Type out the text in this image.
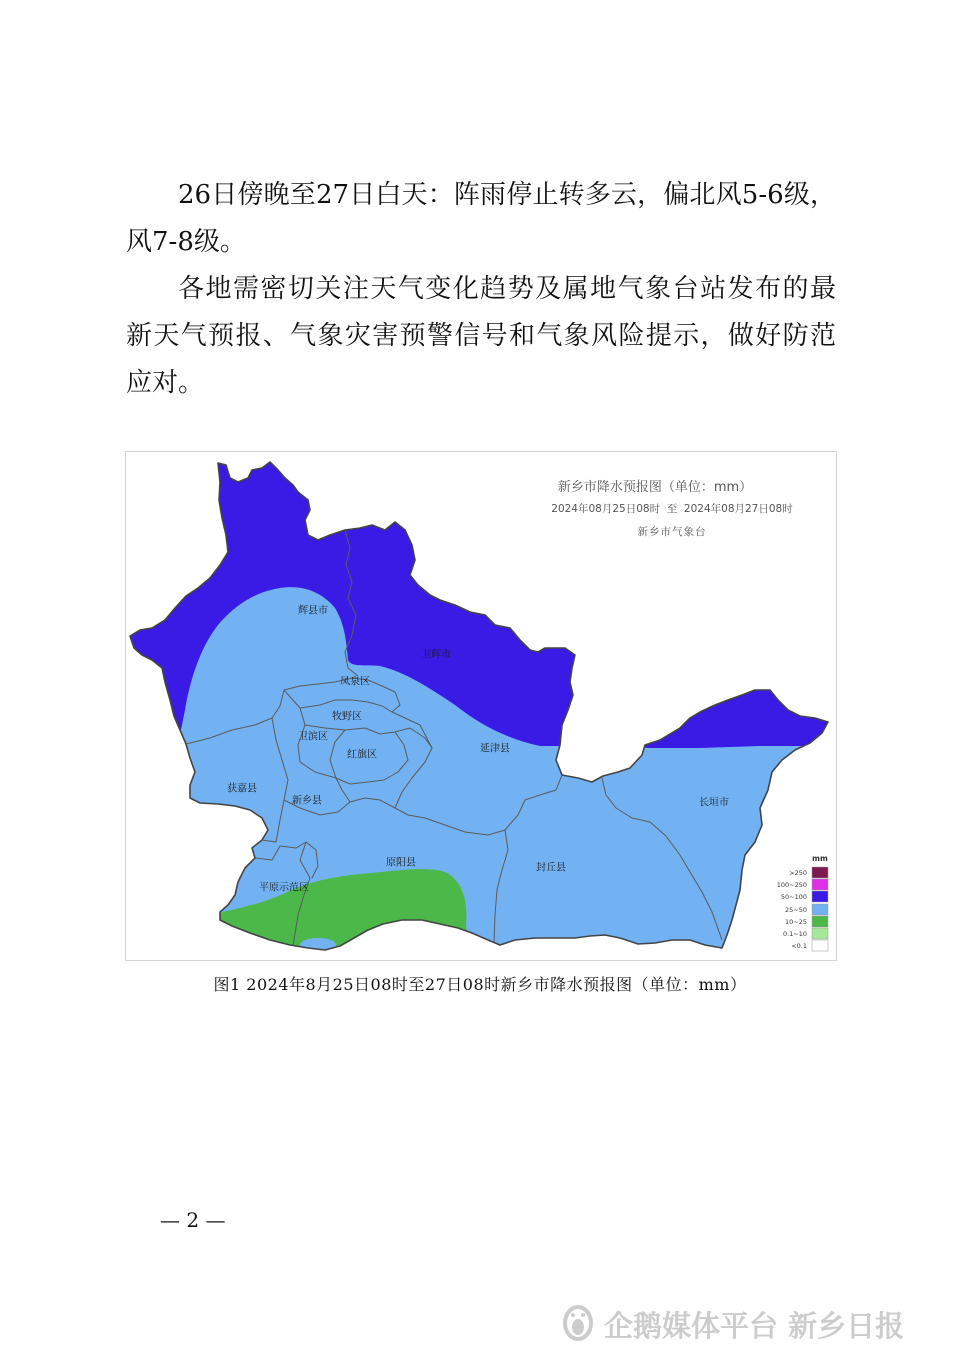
26日傍晚至27日白天：阵雨停止转多云，偏北风5-6级，
风7-8级。

各地需密切关注天气变化趋势及属地气象台站发布的最
新天气预报、气象灾害预警信号和气象风险提示，做好防范
应对。

辉县市
卫辉市
凤泉区
牧野区
卫滨区
红旗区
延津县
获嘉县
新乡县	长垣市
原阳县	封丘县
平原示范区
新乡市降水预报图（单位：mm）
2024年08月25日08时  至  2024年08月27日08时
新乡市气象台
mm
>250
100~250
50~100
25~50
10~25
0.1~10
<0.1
图1 2024年8月25日08时至27日08时新乡市降水预报图（单位：mm）
— 2 —
企鹅媒体平台 新乡日报
